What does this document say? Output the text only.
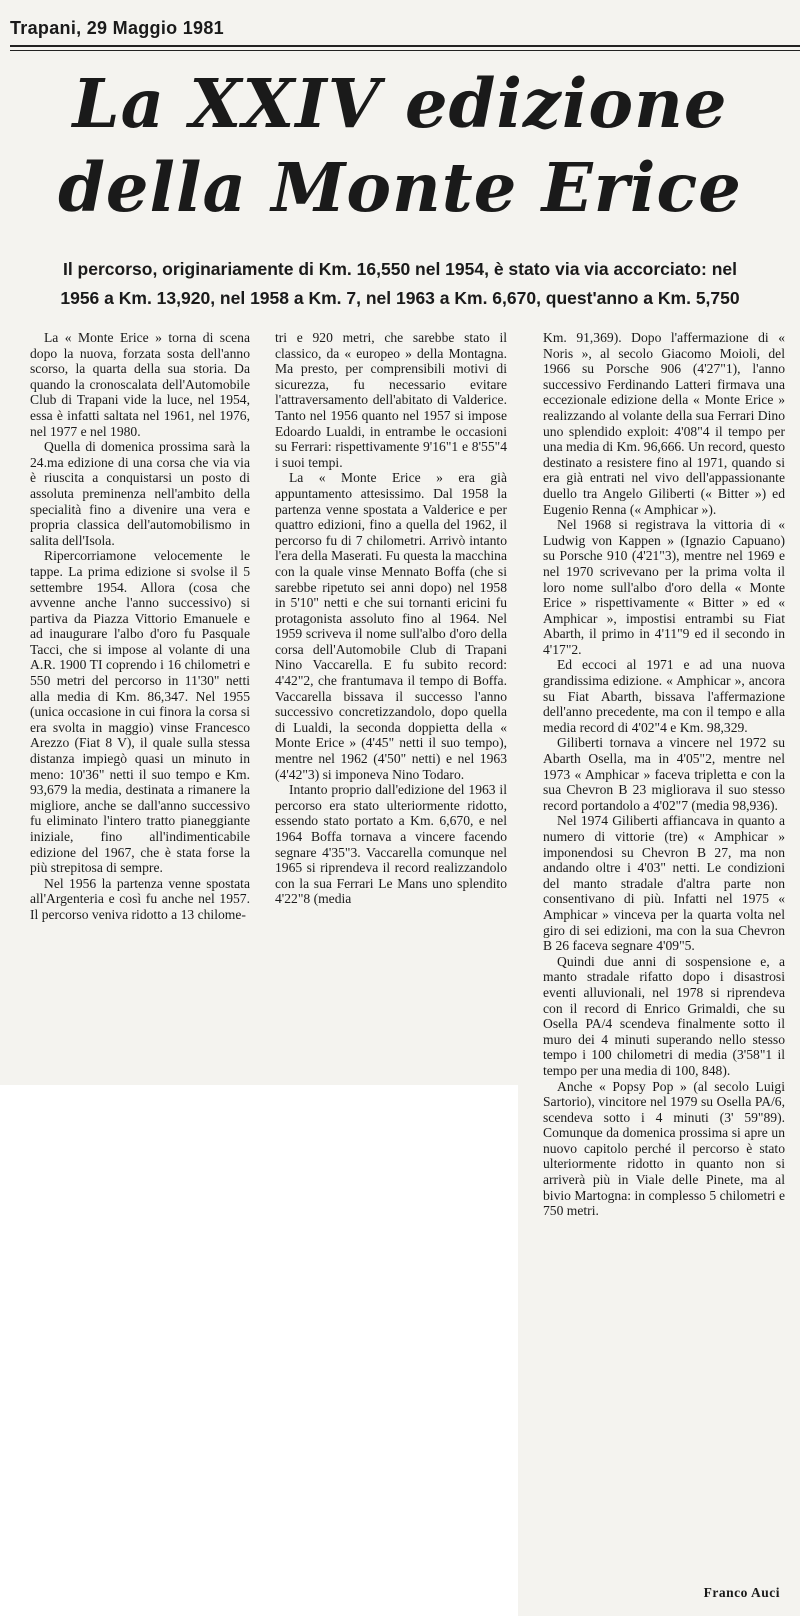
Trapani, 29 Maggio 1981
La XXIV edizione
della Monte Erice

Il percorso, originariamente di Km. 16,550 nel 1954, è stato via via accorciato: nel 1956 a Km. 13,920, nel 1958 a Km. 7, nel 1963 a Km. 6,670, quest'anno a Km. 5,750

La « Monte Erice » torna di scena dopo la nuova, forzata sosta dell'anno scorso, la quarta della sua storia. Da quando la cronoscalata dell'Automobile Club di Trapani vide la luce, nel 1954, essa è infatti saltata nel 1961, nel 1976, nel 1977 e nel 1980.

Quella di domenica prossima sarà la 24.ma edizione di una corsa che via via è riuscita a conquistarsi un posto di assoluta preminenza nell'ambito della specialità fino a divenire una vera e propria classica dell'automobilismo in salita dell'Isola.

Ripercorriamone velocemente le tappe. La prima edizione si svolse il 5 settembre 1954. Allora (cosa che avvenne anche l'anno successivo) si partiva da Piazza Vittorio Emanuele e ad inaugurare l'albo d'oro fu Pasquale Tacci, che si impose al volante di una A.R. 1900 TI coprendo i 16 chilometri e 550 metri del percorso in 11'30" netti alla media di Km. 86,347. Nel 1955 (unica occasione in cui finora la corsa si era svolta in maggio) vinse Francesco Arezzo (Fiat 8 V), il quale sulla stessa distanza impiegò quasi un minuto in meno: 10'36" netti il suo tempo e Km. 93,679 la media, destinata a rimanere la migliore, anche se dall'anno successivo fu eliminato l'intero tratto pianeggiante iniziale, fino all'indimenticabile edizione del 1967, che è stata forse la più strepitosa di sempre.

Nel 1956 la partenza venne spostata all'Argenteria e così fu anche nel 1957. Il percorso veniva ridotto a 13 chilome-

tri e 920 metri, che sarebbe stato il classico, da « europeo » della Montagna. Ma presto, per comprensibili motivi di sicurezza, fu necessario evitare l'attraversamento dell'abitato di Valderice. Tanto nel 1956 quanto nel 1957 si impose Edoardo Lualdi, in entrambe le occasioni su Ferrari: rispettivamente 9'16"1 e 8'55"4 i suoi tempi.

La « Monte Erice » era già appuntamento attesissimo. Dal 1958 la partenza venne spostata a Valderice e per quattro edizioni, fino a quella del 1962, il percorso fu di 7 chilometri. Arrivò intanto l'era della Maserati. Fu questa la macchina con la quale vinse Mennato Boffa (che si sarebbe ripetuto sei anni dopo) nel 1958 in 5'10" netti e che sui tornanti ericini fu protagonista assoluto fino al 1964. Nel 1959 scriveva il nome sull'albo d'oro della corsa dell'Automobile Club di Trapani Nino Vaccarella. E fu subito record: 4'42"2, che frantumava il tempo di Boffa. Vaccarella bissava il successo l'anno successivo concretizzandolo, dopo quella di Lualdi, la seconda doppietta della « Monte Erice » (4'45" netti il suo tempo), mentre nel 1962 (4'50" netti) e nel 1963 (4'42"3) si imponeva Nino Todaro.

Intanto proprio dall'edizione del 1963 il percorso era stato ulteriormente ridotto, essendo stato portato a Km. 6,670, e nel 1964 Boffa tornava a vincere facendo segnare 4'35"3. Vaccarella comunque nel 1965 si riprendeva il record realizzandolo con la sua Ferrari Le Mans uno splendito 4'22"8 (media

Km. 91,369). Dopo l'affermazione di « Noris », al secolo Giacomo Moioli, del 1966 su Porsche 906 (4'27"1), l'anno successivo Ferdinando Latteri firmava una eccezionale edizione della « Monte Erice » realizzando al volante della sua Ferrari Dino uno splendido exploit: 4'08"4 il tempo per una media di Km. 96,666. Un record, questo destinato a resistere fino al 1971, quando si era già entrati nel vivo dell'appassionante duello tra Angelo Giliberti (« Bitter ») ed Eugenio Renna (« Amphicar »).

Nel 1968 si registrava la vittoria di « Ludwig von Kappen » (Ignazio Capuano) su Porsche 910 (4'21"3), mentre nel 1969 e nel 1970 scrivevano per la prima volta il loro nome sull'albo d'oro della « Monte Erice » rispettivamente « Bitter » ed « Amphicar », impostisi entrambi su Fiat Abarth, il primo in 4'11"9 ed il secondo in 4'17"2.

Ed eccoci al 1971 e ad una nuova grandissima edizione. « Amphicar », ancora su Fiat Abarth, bissava l'affermazione dell'anno precedente, ma con il tempo e alla media record di 4'02"4 e Km. 98,329.

Giliberti tornava a vincere nel 1972 su Abarth Osella, ma in 4'05"2, mentre nel 1973 « Amphicar » faceva tripletta e con la sua Chevron B 23 migliorava il suo stesso record portandolo a 4'02"7 (media 98,936).

Nel 1974 Giliberti affiancava in quanto a numero di vittorie (tre) « Amphicar » imponendosi su Chevron B 27, ma non andando oltre i 4'03" netti. Le condizioni del manto stradale d'altra parte non consentivano di più. Infatti nel 1975 « Amphicar » vinceva per la quarta volta nel giro di sei edizioni, ma con la sua Chevron B 26 faceva segnare 4'09"5.

Quindi due anni di sospensione e, a manto stradale rifatto dopo i disastrosi eventi alluvionali, nel 1978 si riprendeva con il record di Enrico Grimaldi, che su Osella PA/4 scendeva finalmente sotto il muro dei 4 minuti superando nello stesso tempo i 100 chilometri di media (3'58"1 il tempo per una media di 100, 848).

Anche « Popsy Pop » (al secolo Luigi Sartorio), vincitore nel 1979 su Osella PA/6, scendeva sotto i 4 minuti (3' 59"89). Comunque da domenica prossima si apre un nuovo capitolo perché il percorso è stato ulteriormente ridotto in quanto non si arriverà più in Viale delle Pinete, ma al bivio Martogna: in complesso 5 chilometri e 750 metri.

Franco Auci
